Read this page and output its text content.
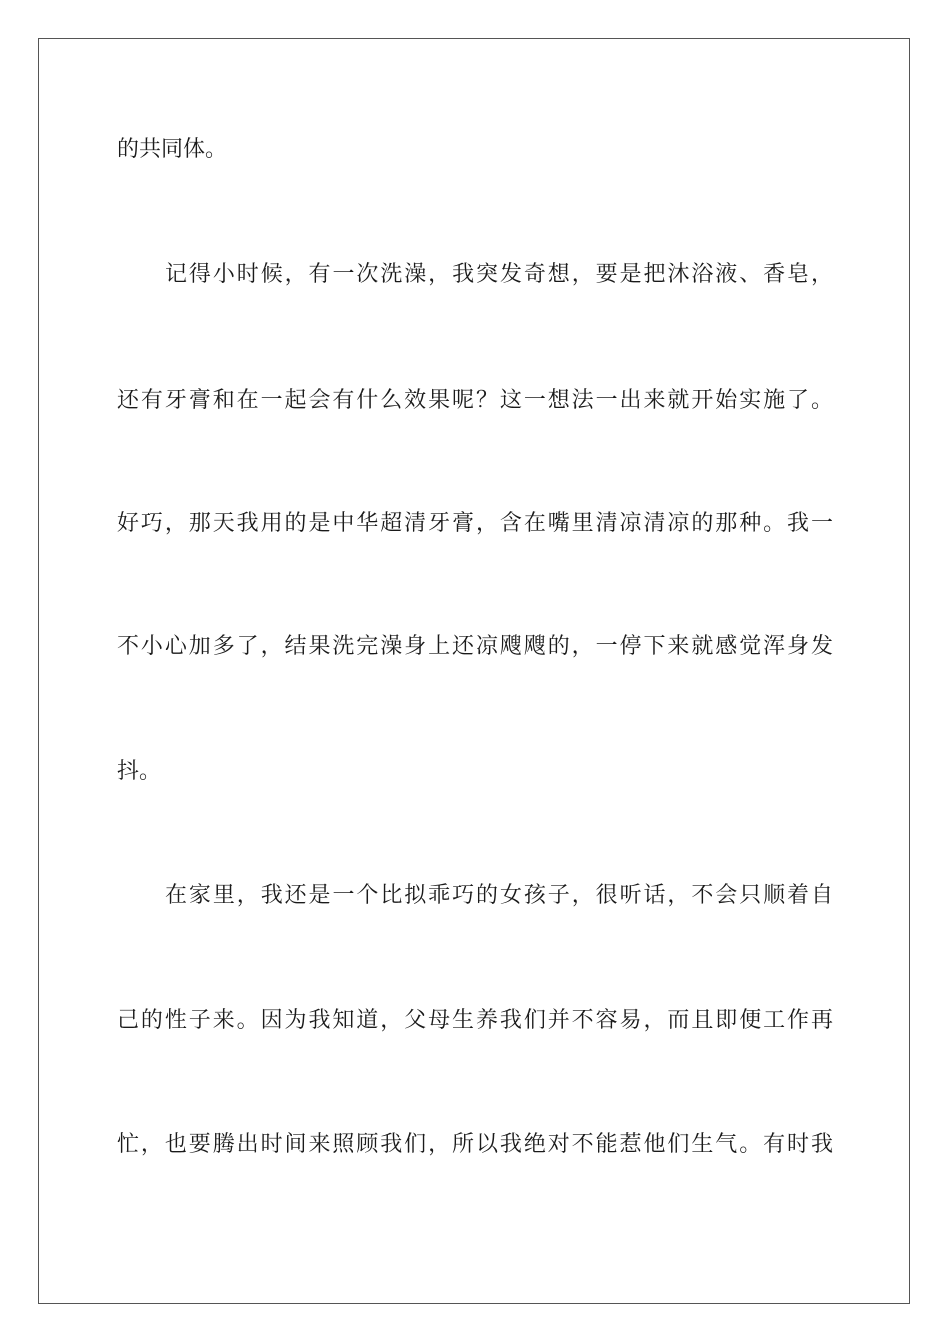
的共同体。
记得小时候，有一次洗澡，我突发奇想，要是把沐浴液、香皂，
还有牙膏和在一起会有什么效果呢？这一想法一出来就开始实施了。
好巧，那天我用的是中华超清牙膏，含在嘴里清凉清凉的那种。我一
不小心加多了，结果洗完澡身上还凉飕飕的，一停下来就感觉浑身发
抖。
在家里，我还是一个比拟乖巧的女孩子，很听话，不会只顺着自
己的性子来。因为我知道，父母生养我们并不容易，而且即便工作再
忙，也要腾出时间来照顾我们，所以我绝对不能惹他们生气。有时我
